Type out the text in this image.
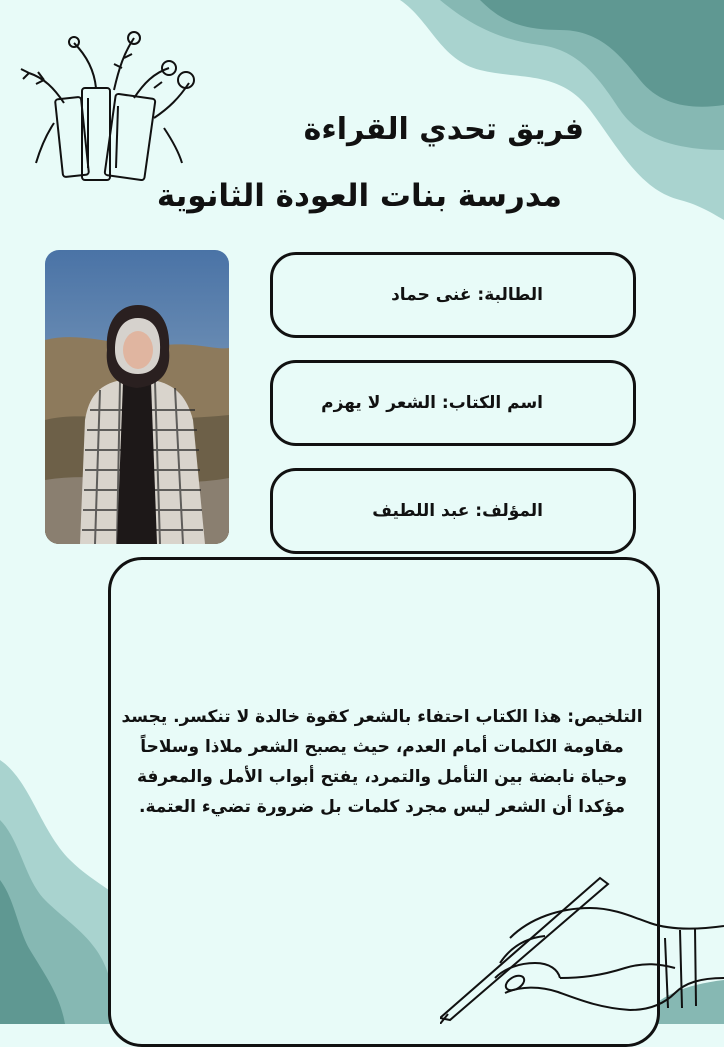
فريق تحدي القراءة
مدرسة بنات العودة الثانوية
الطالبة: غنى حماد
اسم الكتاب: الشعر لا يهزم
المؤلف: عبد اللطيف
التلخيص: هذا الكتاب احتفاء بالشعر كقوة خالدة لا تنكسر. يجسد مقاومة الكلمات أمام العدم، حيث يصبح الشعر ملاذا وسلاحاً وحياة نابضة بين التأمل والتمرد، يفتح أبواب الأمل والمعرفة مؤكدا أن الشعر ليس مجرد كلمات بل ضرورة تضيء العتمة.
